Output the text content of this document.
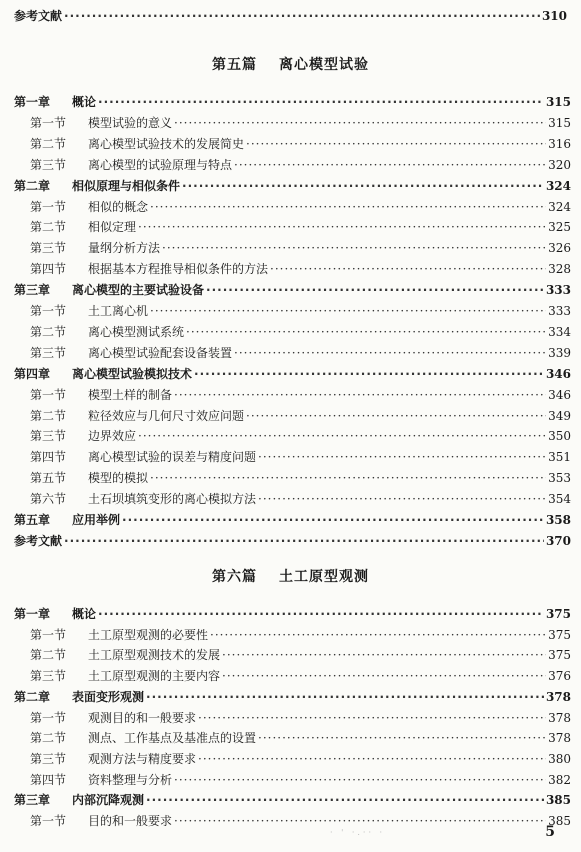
参考文献 ·····	310
第五篇 离心模型试验
第一章 概论 ·····	315
第一节 模型试验的意义 ·····	315
第二节 离心模型试验技术的发展简史 ·····	316
第三节 离心模型的试验原理与特点 ·····	320
第二章 相似原理与相似条件 ·····	324
第一节 相似的概念 ·····	324
第二节 相似定理 ·····	325
第三节 量纲分析方法 ·····	326
第四节 根据基本方程推导相似条件的方法 ·····	328
第三章 离心模型的主要试验设备 ·····	333
第一节 土工离心机 ·····	333
第二节 离心模型测试系统 ·····	334
第三节 离心模型试验配套设备装置 ·····	339
第四章 离心模型试验模拟技术 ·····	346
第一节 模型土样的制备 ·····	346
第二节 粒径效应与几何尺寸效应问题 ·····	349
第三节 边界效应 ·····	350
第四节 离心模型试验的误差与精度问题 ·····	351
第五节 模型的模拟 ·····	353
第六节 土石坝填筑变形的离心模拟方法 ·····	354
第五章 应用举例 ·····	358
参考文献 ·····	370
第六篇 土工原型观测
第一章 概论 ·····	375
第一节 土工原型观测的必要性 ·····	375
第二节 土工原型观测技术的发展 ·····	375
第三节 土工原型观测的主要内容 ·····	376
第二章 表面变形观测 ·····	378
第一节 观测目的和一般要求 ·····	378
第二节 测点、工作基点及基准点的设置 ·····	378
第三节 观测方法与精度要求 ·····	380
第四节 资料整理与分析 ·····	382
第三章 内部沉降观测 ·····	385
第一节 目的和一般要求 ·····	385
5
· ' ·.·· ·
